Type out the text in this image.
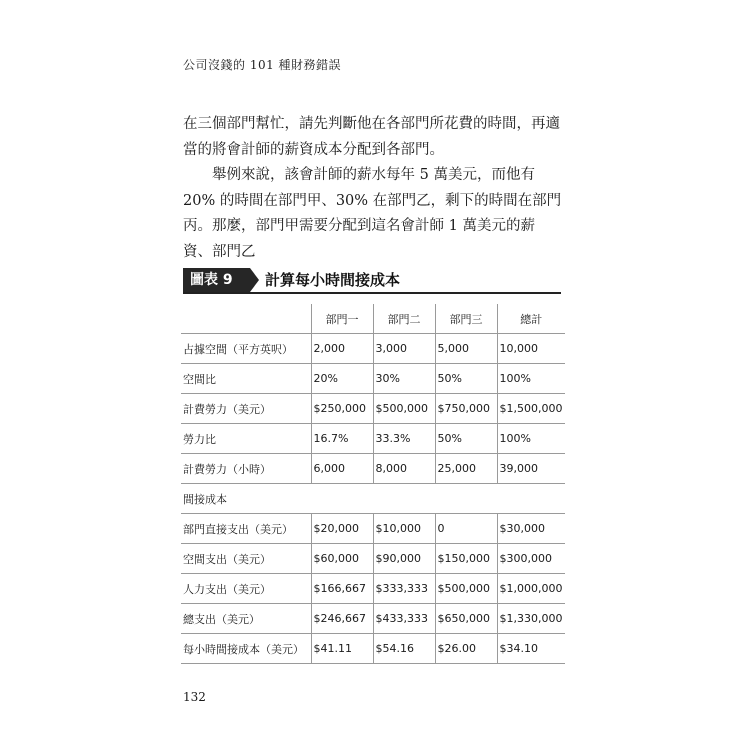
公司沒錢的 101 種財務錯誤

在三個部門幫忙，請先判斷他在各部門所花費的時間，再適當的將會計師的薪資成本分配到各部門。

舉例來說，該會計師的薪水每年 5 萬美元，而他有 20% 的時間在部門甲、30% 在部門乙，剩下的時間在部門丙。那麼，部門甲需要分配到這名會計師 1 萬美元的薪資、部門乙

圖表 9	計算每小時間接成本
	部門一	部門二	部門三	總計
占據空間（平方英呎）	2,000	3,000	5,000	10,000
空間比	20%	30%	50%	100%
計費勞力（美元）	$250,000	$500,000	$750,000	$1,500,000
勞力比	16.7%	33.3%	50%	100%
計費勞力（小時）	6,000	8,000	25,000	39,000
間接成本				
部門直接支出（美元）	$20,000	$10,000	0	$30,000
空間支出（美元）	$60,000	$90,000	$150,000	$300,000
人力支出（美元）	$166,667	$333,333	$500,000	$1,000,000
總支出（美元）	$246,667	$433,333	$650,000	$1,330,000
每小時間接成本（美元）	$41.11	$54.16	$26.00	$34.10
132
